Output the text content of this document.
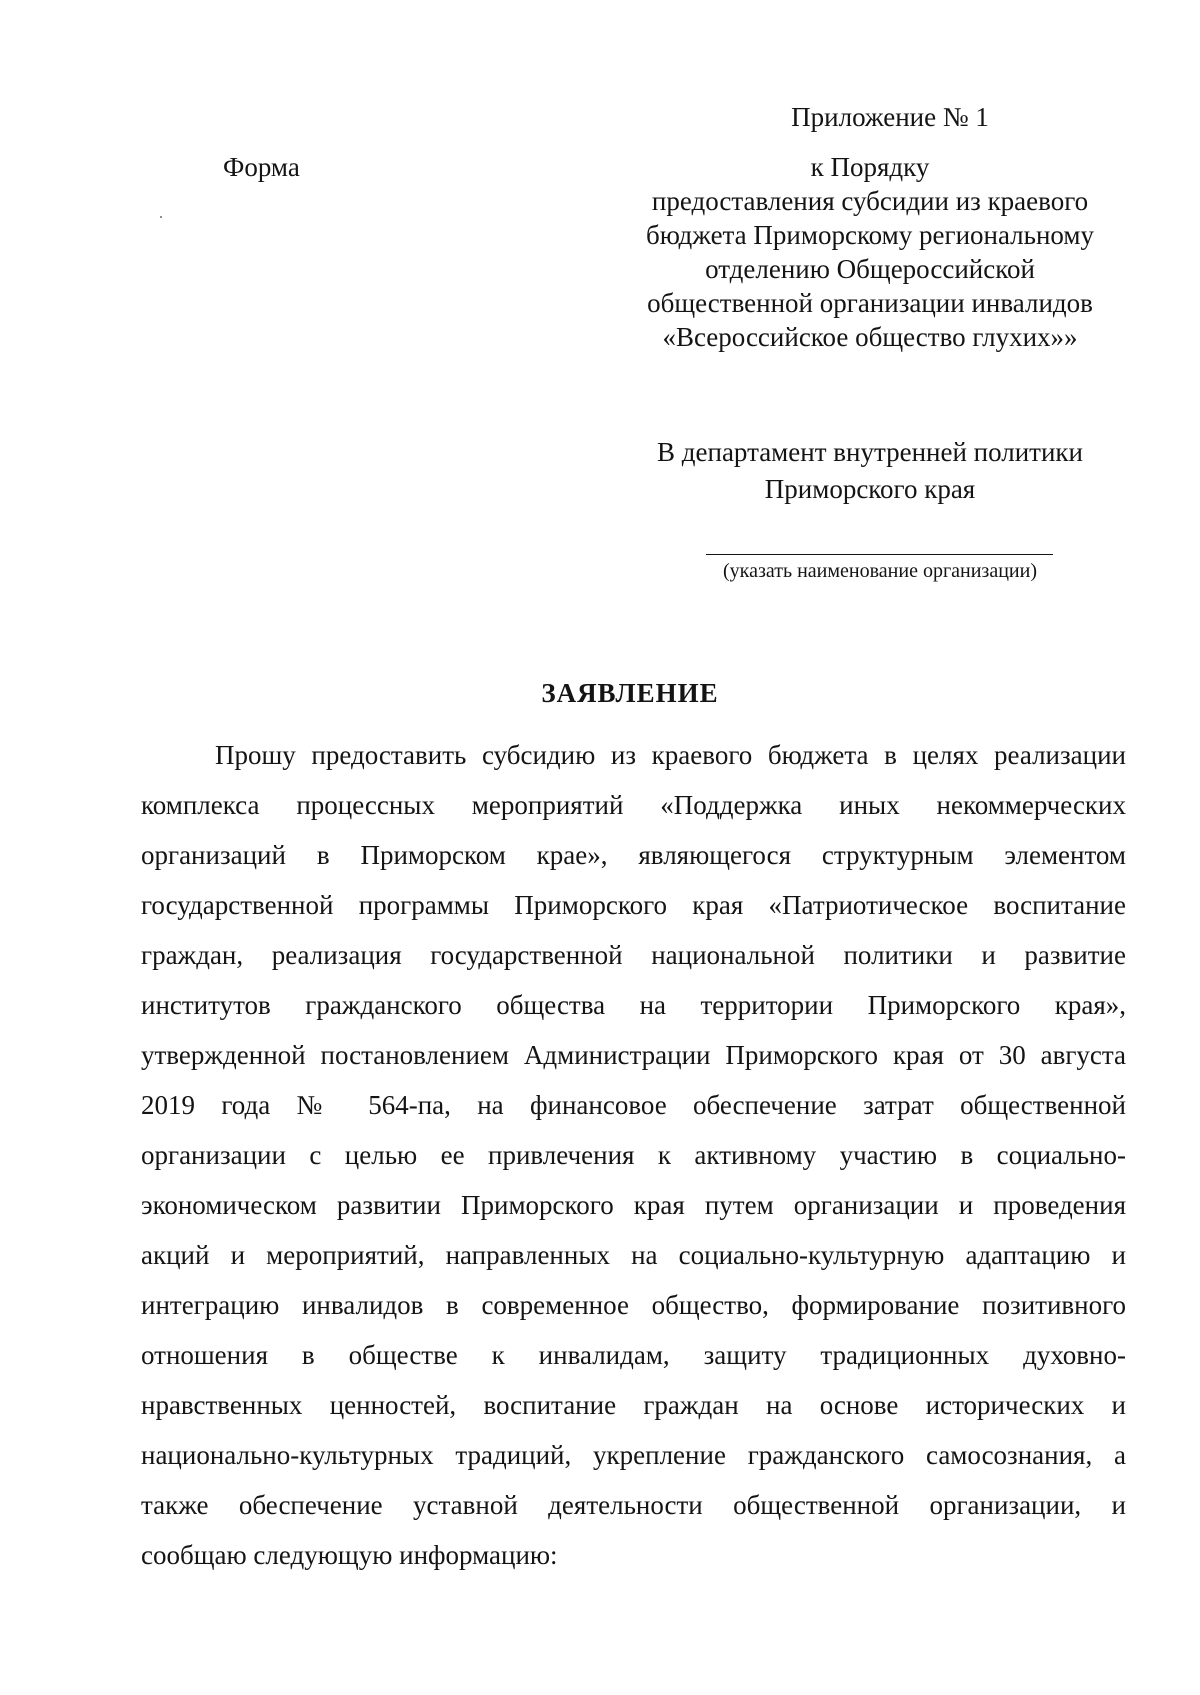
Приложение № 1

Форма	к Порядку
предоставления субсидии из краевого
бюджета Приморскому региональному
отделению Общероссийской
общественной организации инвалидов
«Всероссийское общество глухих»»
В департамент внутренней политики
Приморского края

(указать наименование организации)

ЗАЯВЛЕНИЕ
Прошу предоставить субсидию из краевого бюджета в целях реализации
комплекса процессных мероприятий «Поддержка иных некоммерческих
организаций в Приморском крае», являющегося структурным элементом
государственной программы Приморского края «Патриотическое воспитание
граждан, реализация государственной национальной политики и развитие
институтов гражданского общества на территории Приморского края»,
утвержденной постановлением Администрации Приморского края от 30 августа
2019 года № 564-па, на финансовое обеспечение затрат общественной
организации с целью ее привлечения к активному участию в социально-
экономическом развитии Приморского края путем организации и проведения
акций и мероприятий, направленных на социально-культурную адаптацию и
интеграцию инвалидов в современное общество, формирование позитивного
отношения в обществе к инвалидам, защиту традиционных духовно-
нравственных ценностей, воспитание граждан на основе исторических и
национально-культурных традиций, укрепление гражданского самосознания, а
также обеспечение уставной деятельности общественной организации, и
сообщаю следующую информацию:
